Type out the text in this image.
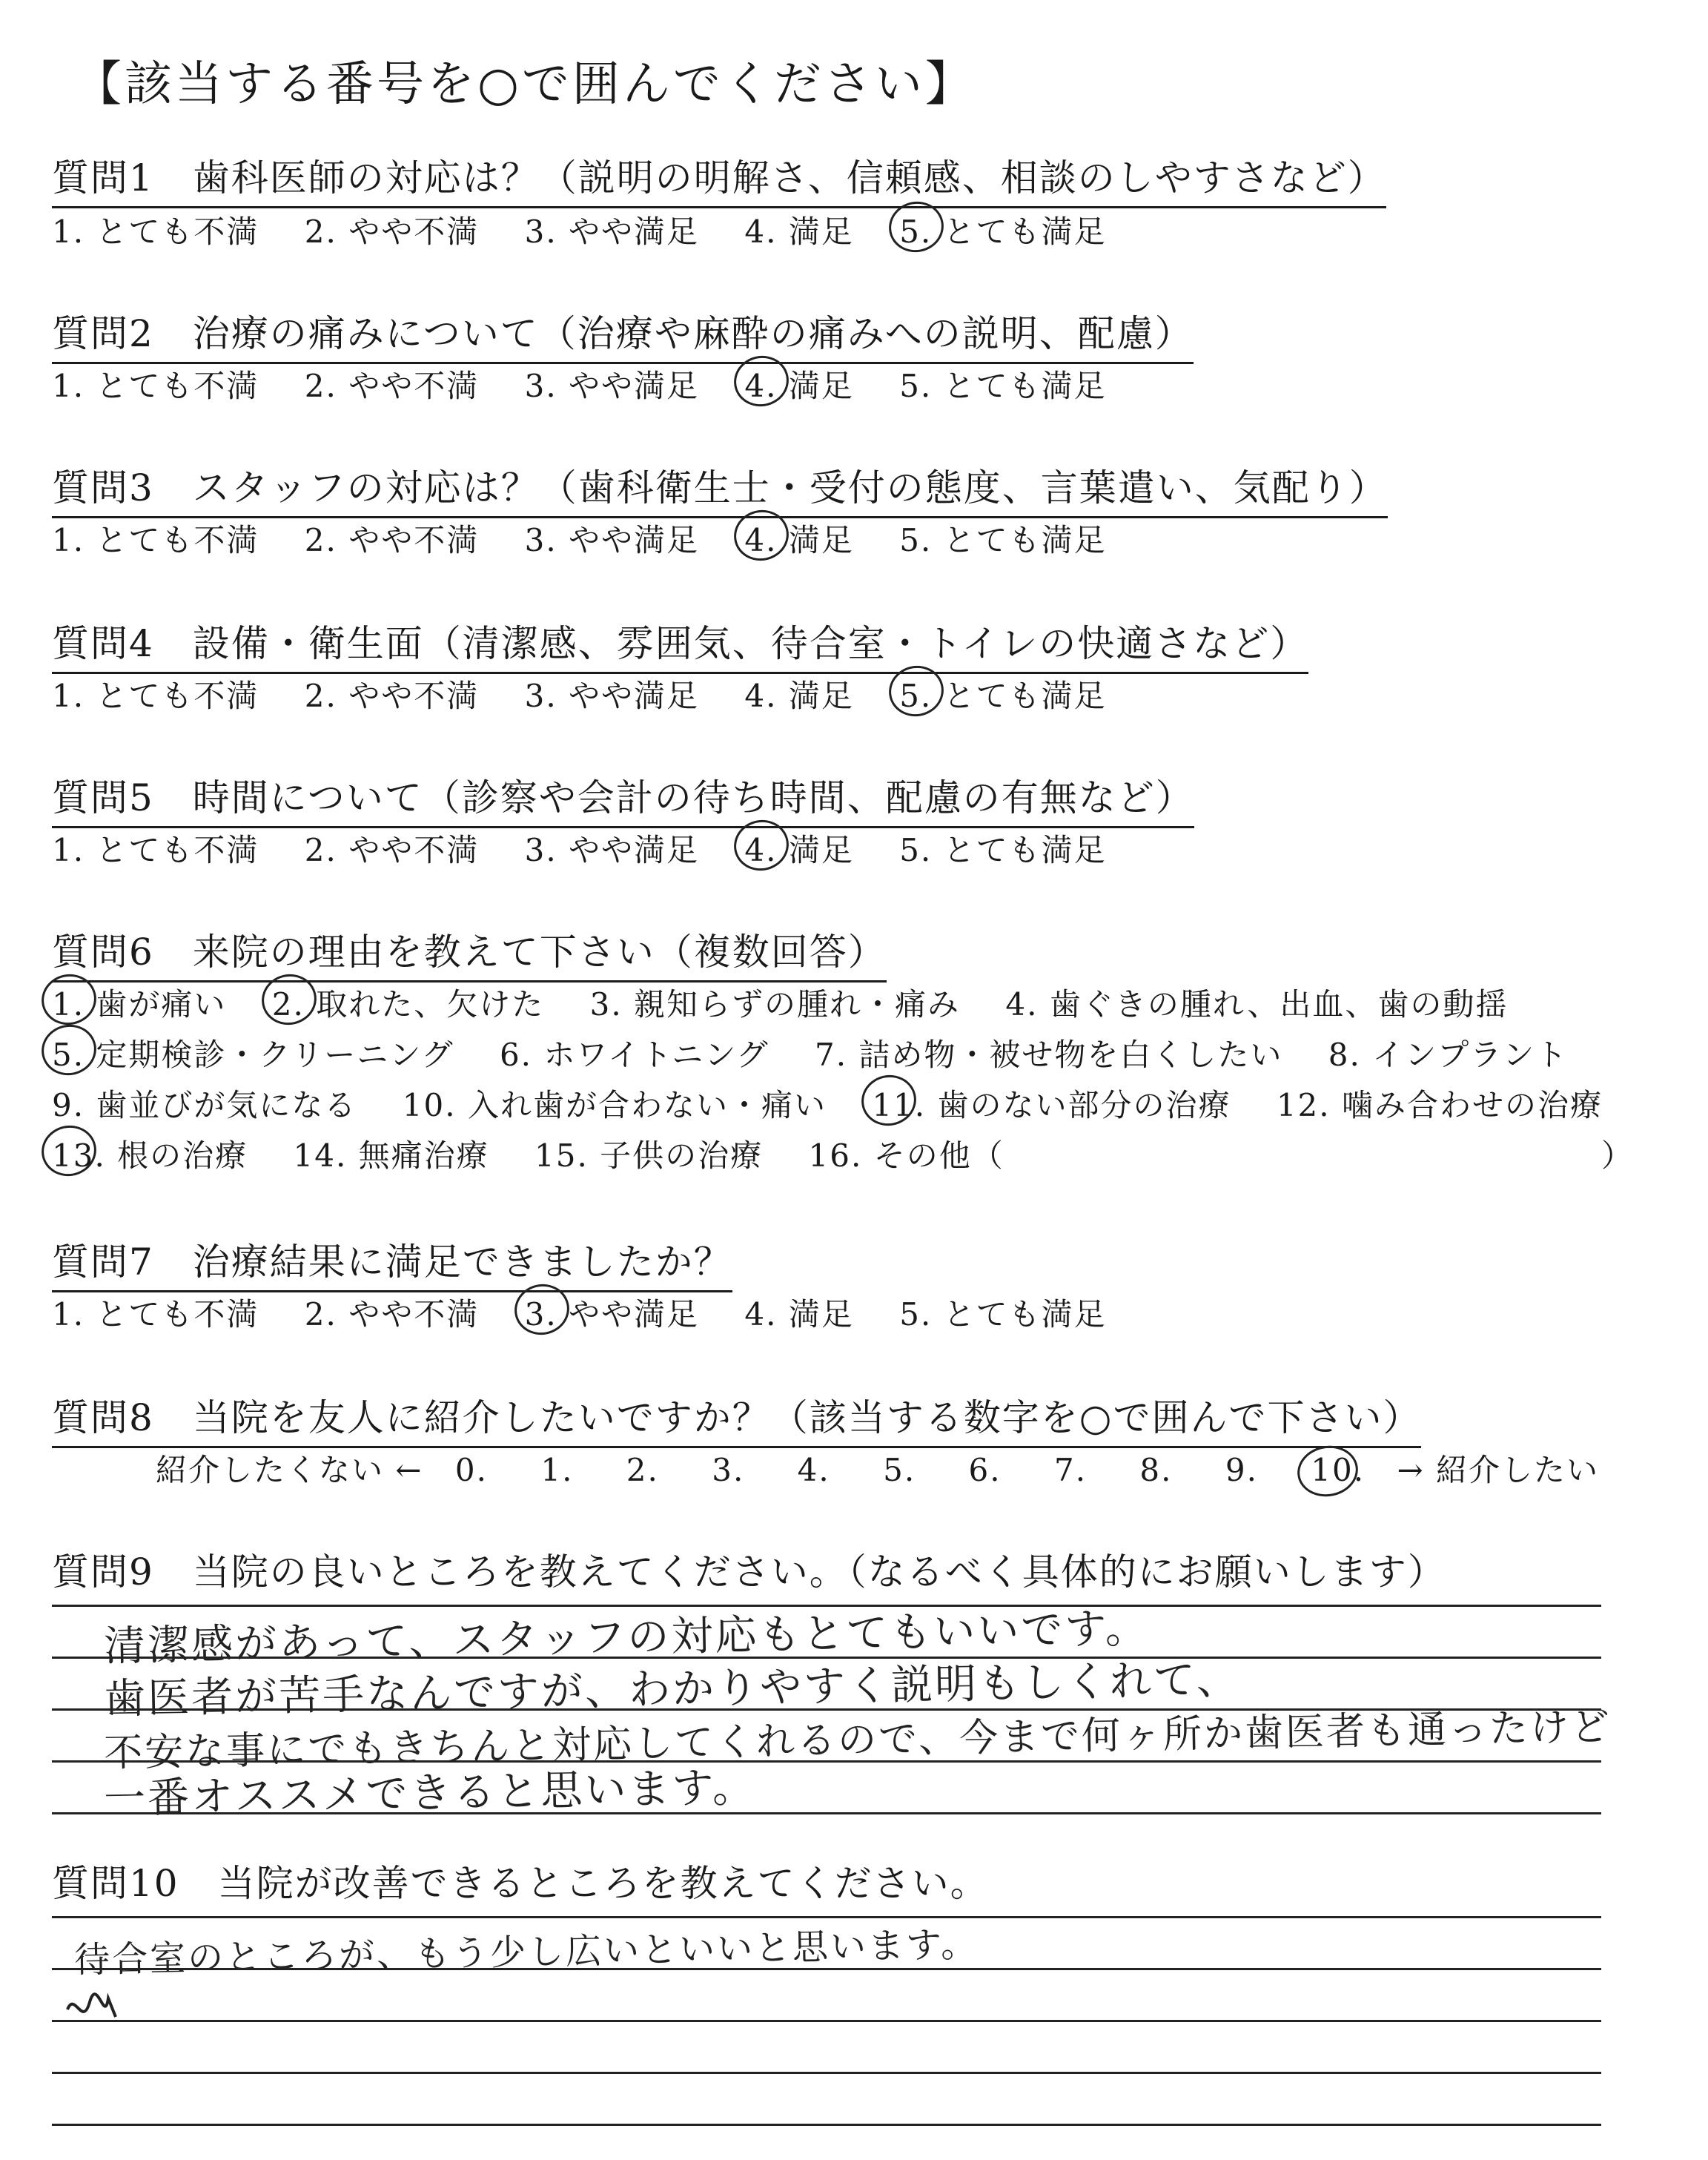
【該当する番号を○で囲んでください】
質問1　歯科医師の対応は？（説明の明解さ、信頼感、相談のしやすさなど）
1. とても不満 2. やや不満 3. やや満足 4. 満足 5. とても満足
質問2　治療の痛みについて（治療や麻酔の痛みへの説明、配慮）
1. とても不満 2. やや不満 3. やや満足 4. 満足 5. とても満足
質問3　スタッフの対応は？（歯科衛生士・受付の態度、言葉遣い、気配り）
1. とても不満 2. やや不満 3. やや満足 4. 満足 5. とても満足
質問4　設備・衛生面（清潔感、雰囲気、待合室・トイレの快適さなど）
1. とても不満 2. やや不満 3. やや満足 4. 満足 5. とても満足
質問5　時間について（診察や会計の待ち時間、配慮の有無など）
1. とても不満 2. やや不満 3. やや満足 4. 満足 5. とても満足
質問6　来院の理由を教えて下さい（複数回答）
1. 歯が痛い 2. 取れた、欠けた 3. 親知らずの腫れ・痛み 4. 歯ぐきの腫れ、出血、歯の動揺
5. 定期検診・クリーニング 6. ホワイトニング 7. 詰め物・被せ物を白くしたい 8. インプラント
9. 歯並びが気になる 10. 入れ歯が合わない・痛い 11. 歯のない部分の治療 12. 噛み合わせの治療
13. 根の治療 14. 無痛治療 15. 子供の治療 16. その他（	）
質問7　治療結果に満足できましたか？
1. とても不満 2. やや不満 3. やや満足 4. 満足 5. とても満足
質問8　当院を友人に紹介したいですか？（該当する数字を○で囲んで下さい）
紹介したくない ← 0. 1. 2. 3. 4. 5. 6. 7. 8. 9. 10. → 紹介したい
質問9　当院の良いところを教えてください。（なるべく具体的にお願いします）
清潔感があって、スタッフの対応もとてもいいです。
歯医者が苦手なんですが、わかりやすく説明もしくれて、
不安な事にでもきちんと対応してくれるので、今まで何ヶ所か歯医者も通ったけど
一番オススメできると思います。
質問10　当院が改善できるところを教えてください。
待合室のところが、もう少し広いといいと思います。
